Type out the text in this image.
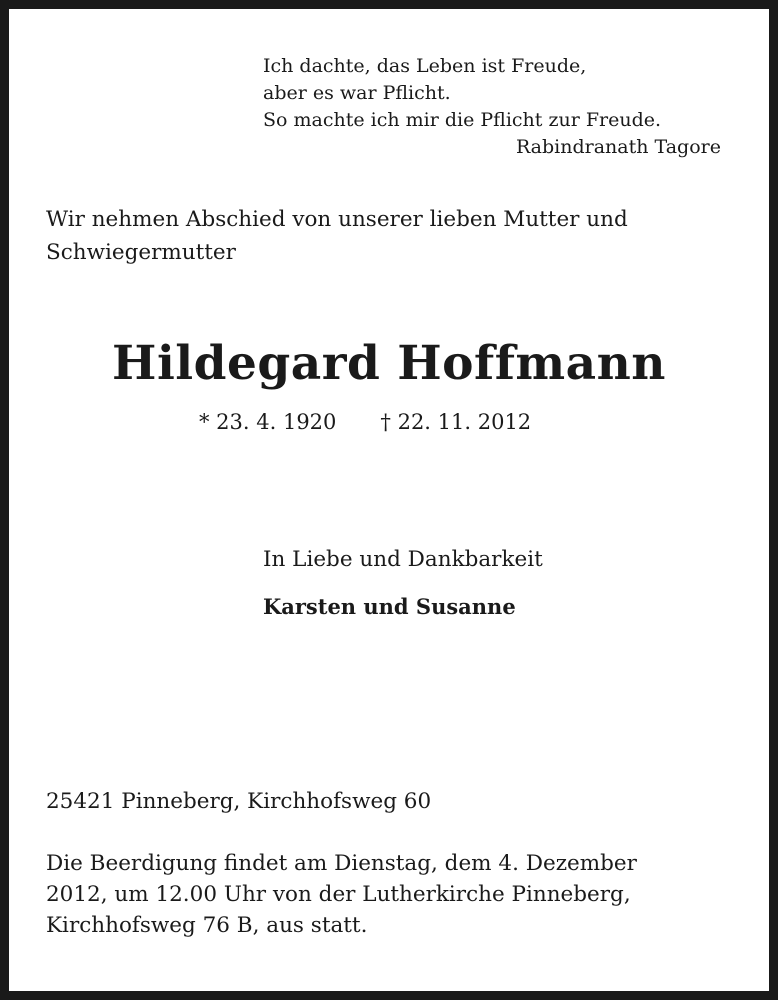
Ich dachte, das Leben ist Freude,
aber es war Pflicht.
So machte ich mir die Pflicht zur Freude.
Rabindranath Tagore
Wir nehmen Abschied von unserer lieben Mutter und
Schwiegermutter
Hildegard Hoffmann
* 23. 4. 1920 † 22. 11. 2012
In Liebe und Dankbarkeit
Karsten und Susanne
25421 Pinneberg, Kirchhofsweg 60
Die Beerdigung findet am Dienstag, dem 4. Dezember
2012, um 12.00 Uhr von der Lutherkirche Pinneberg,
Kirchhofsweg 76 B, aus statt.
